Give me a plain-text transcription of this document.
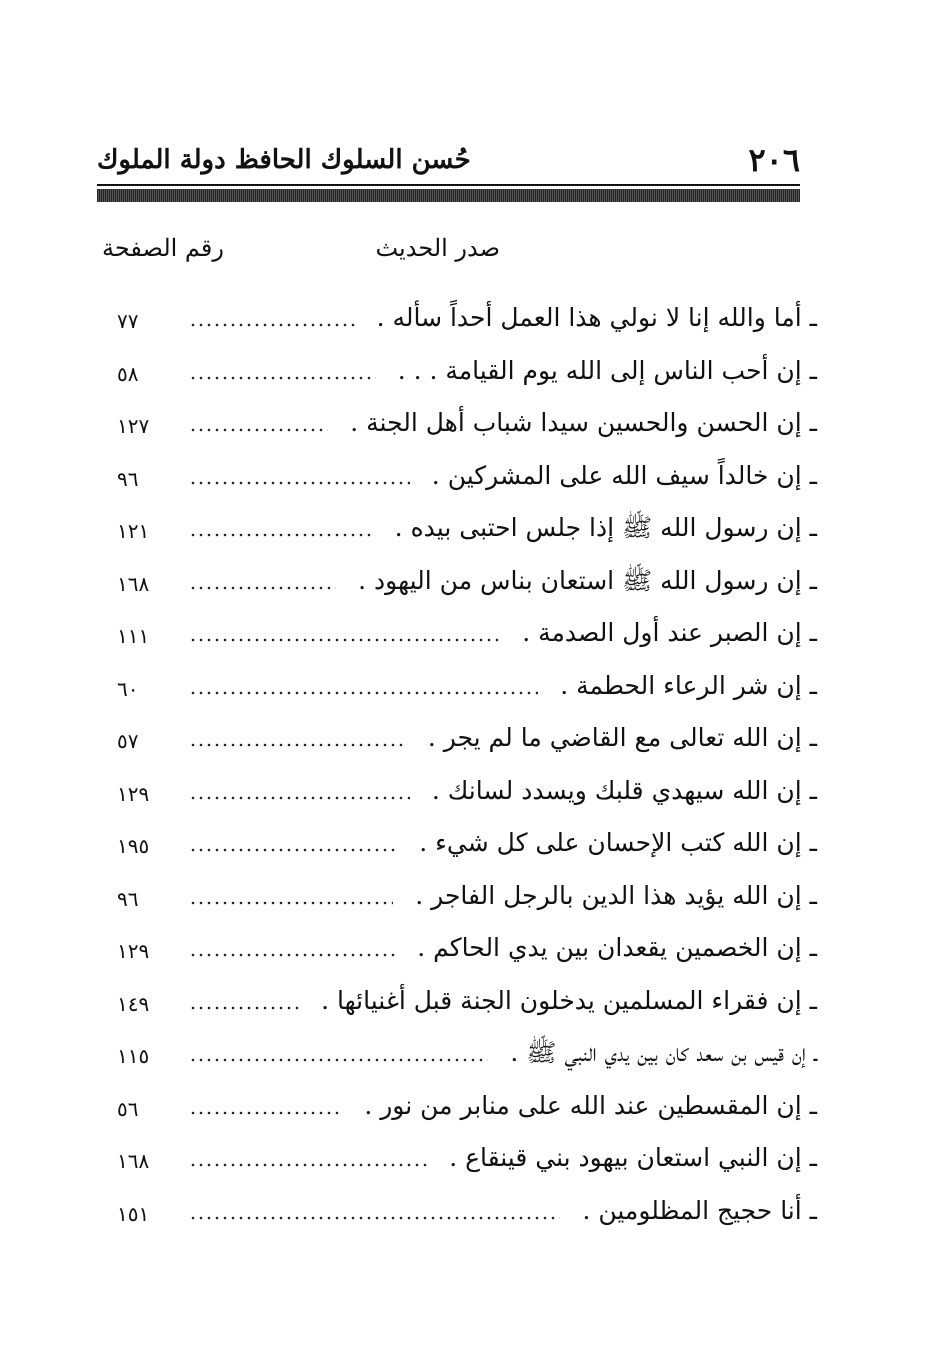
٢٠٦
حُسن السلوك الحافظ دولة الملوك
صدر الحديث
رقم الصفحة
ـ أما والله إنا لا نولي هذا العمل أحداً سأله .
٧٧
ـ إن أحب الناس إلى الله يوم القيامة . . .
٥٨
ـ إن الحسن والحسين سيدا شباب أهل الجنة .
١٢٧
ـ إن خالداً سيف الله على المشركين .
٩٦
ـ إن رسول الله ﷺ إذا جلس احتبى بيده .
١٢١
ـ إن رسول الله ﷺ استعان بناس من اليهود .
١٦٨
ـ إن الصبر عند أول الصدمة .
١١١
ـ إن شر الرعاء الحطمة .
٦٠
ـ إن الله تعالى مع القاضي ما لم يجر .
٥٧
ـ إن الله سيهدي قلبك ويسدد لسانك .
١٢٩
ـ إن الله كتب الإحسان على كل شيء .
١٩٥
ـ إن الله يؤيد هذا الدين بالرجل الفاجر .
٩٦
ـ إن الخصمين يقعدان بين يدي الحاكم .
١٢٩
ـ إن فقراء المسلمين يدخلون الجنة قبل أغنيائها .
١٤٩
ـ إن قيس بن سعد كان بين يدي النبي ﷺ .
١١٥
ـ إن المقسطين عند الله على منابر من نور .
٥٦
ـ إن النبي استعان بيهود بني قينقاع .
١٦٨
ـ أنا حجيج المظلومين .
١٥١
